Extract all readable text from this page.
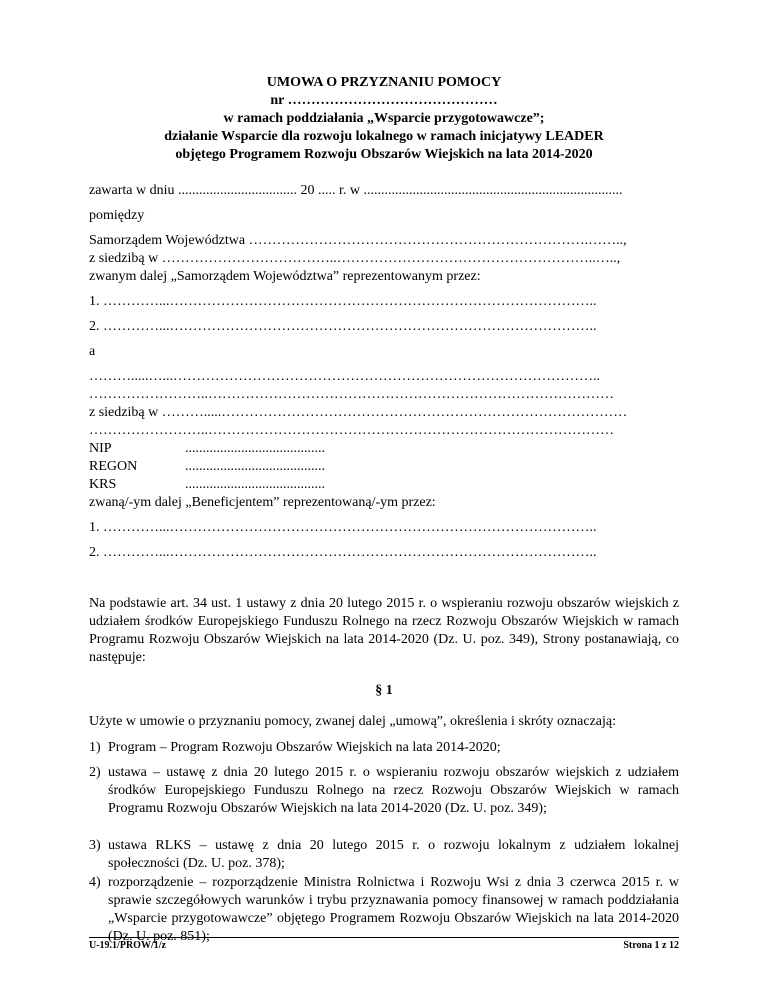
UMOWA O PRZYZNANIU POMOCY
nr ………………………………………
w ramach poddziałania „Wsparcie przygotowawcze”;
działanie Wsparcie dla rozwoju lokalnego w ramach inicjatywy LEADER
objętego Programem Rozwoju Obszarów Wiejskich na lata 2014-2020
zawarta w dniu .................................. 20 ..... r. w ..........................................................................
pomiędzy
Samorządem Województwa ……………………………………………………………….……..,
z siedzibą w ………………………………..………………………………………………..…..,
zwanym dalej „Samorządem Województwa” reprezentowanym przez:
1. …………...………………………………………………………………………………..
2. …………...………………………………………………………………………………..
a
……….....…...………………………………………………………………………………..
……………………..……………………………………………………………………………
z siedzibą w ……….....……………………………………………………………………………
……………………..……………………………………………………………………………
NIP	........................................
REGON	........................................
KRS	........................................
zwaną/-ym dalej „Beneficjentem” reprezentowaną/-ym przez:
1. …………...………………………………………………………………………………..
2. …………...………………………………………………………………………………..
Na podstawie art. 34 ust. 1 ustawy z dnia 20 lutego 2015 r. o wspieraniu rozwoju obszarów wiejskich z udziałem środków Europejskiego Funduszu Rolnego na rzecz Rozwoju Obszarów Wiejskich w ramach Programu Rozwoju Obszarów Wiejskich na lata 2014-2020 (Dz. U. poz. 349), Strony postanawiają, co następuje:
§ 1
Użyte w umowie o przyznaniu pomocy, zwanej dalej „umową”, określenia i skróty oznaczają:
1) Program – Program Rozwoju Obszarów Wiejskich na lata 2014-2020;
2) ustawa – ustawę z dnia 20 lutego 2015 r. o wspieraniu rozwoju obszarów wiejskich z udziałem środków Europejskiego Funduszu Rolnego na rzecz Rozwoju Obszarów Wiejskich w ramach Programu Rozwoju Obszarów Wiejskich na lata 2014-2020 (Dz. U. poz. 349);
3) ustawa RLKS – ustawę z dnia 20 lutego 2015 r. o rozwoju lokalnym z udziałem lokalnej społeczności (Dz. U. poz. 378);
4) rozporządzenie – rozporządzenie Ministra Rolnictwa i Rozwoju Wsi z dnia 3 czerwca 2015 r. w sprawie szczegółowych warunków i trybu przyznawania pomocy finansowej w ramach poddziałania „Wsparcie przygotowawcze” objętego Programem Rozwoju Obszarów Wiejskich na lata 2014-2020 (Dz. U. poz. 851);
U-19.1/PROW/1/z	Strona 1 z 12
